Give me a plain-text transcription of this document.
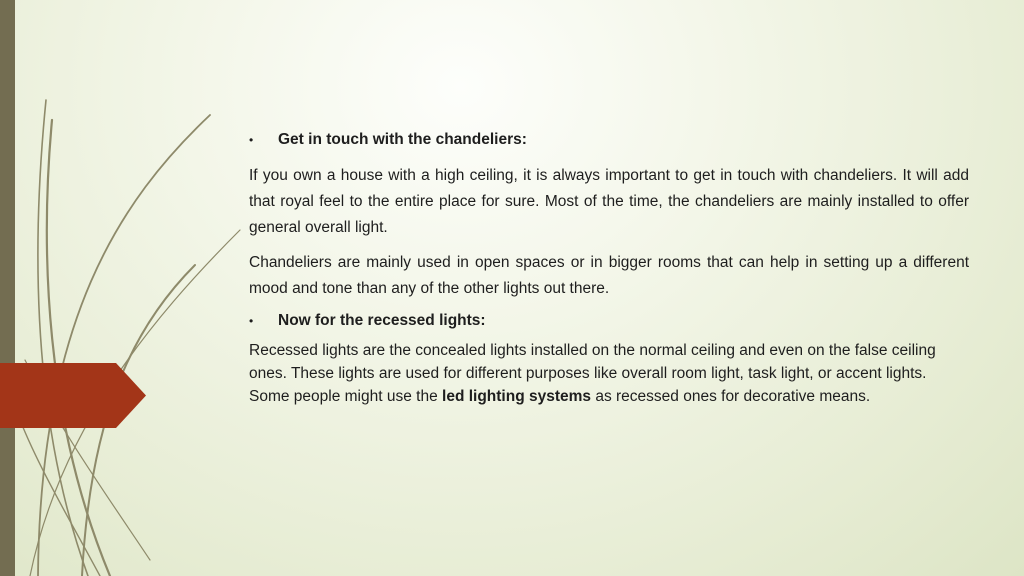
•	Get in touch with the chandeliers:

If you own a house with a high ceiling, it is always important to get in touch with chandeliers. It will add that royal feel to the entire place for sure. Most of the time, the chandeliers are mainly installed to offer general overall light.

Chandeliers are mainly used in open spaces or in bigger rooms that can help in setting up a different mood and tone than any of the other lights out there.

•	Now for the recessed lights:

Recessed lights are the concealed lights installed on the normal ceiling and even on the false ceiling ones. These lights are used for different purposes like overall room light, task light, or accent lights. Some people might use the led lighting systems as recessed ones for decorative means.
